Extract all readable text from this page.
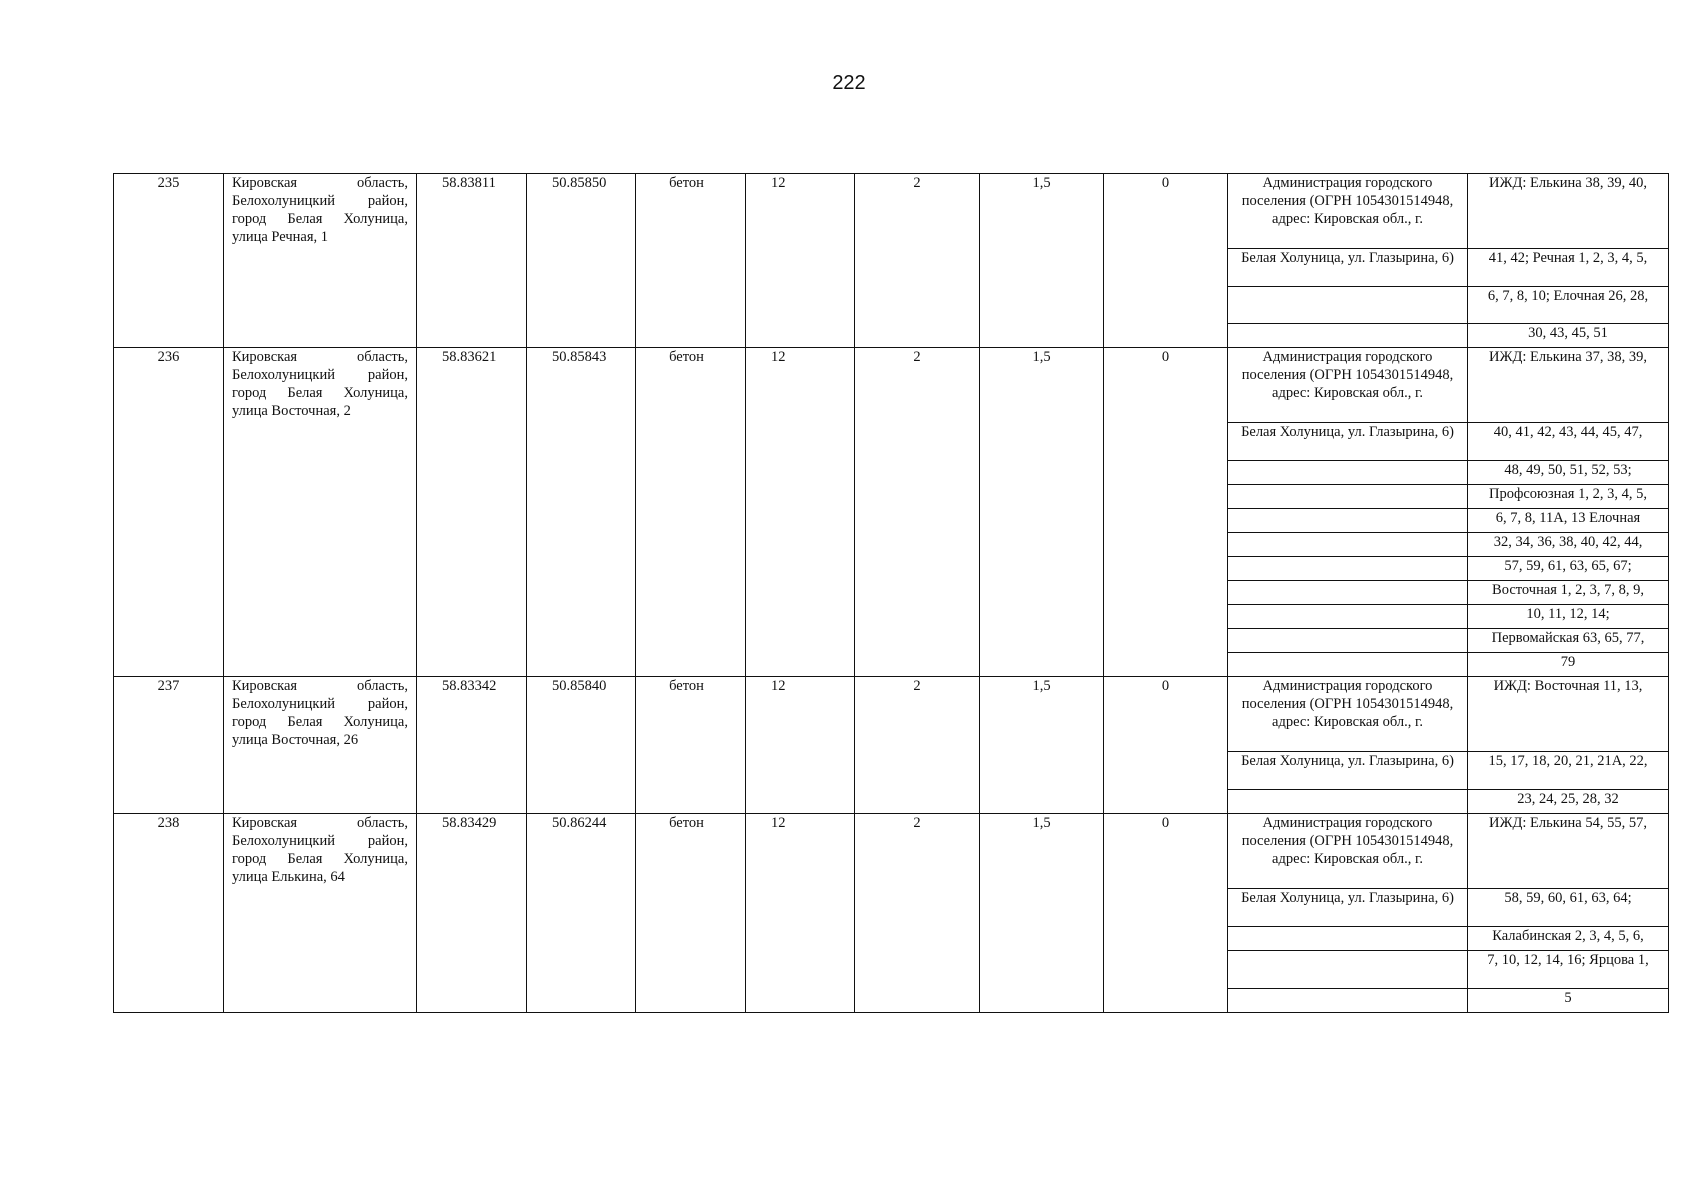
222
235	Кировская область, Белохолуницкий район, город Белая Холуница, улица Речная, 1	58.83811	50.85850	бетон	12	2	1,5	0	Администрация городского поселения (ОГРН 1054301514948, адрес: Кировская обл., г.	ИЖД: Елькина 38, 39, 40,
									Белая Холуница, ул. Глазырина, 6)	41, 42; Речная 1, 2, 3, 4, 5,
										6, 7, 8, 10; Елочная 26, 28,
										30, 43, 45, 51
236	Кировская область, Белохолуницкий район, город Белая Холуница, улица Восточная, 2	58.83621	50.85843	бетон	12	2	1,5	0	Администрация городского поселения (ОГРН 1054301514948, адрес: Кировская обл., г.	ИЖД: Елькина 37, 38, 39,
									Белая Холуница, ул. Глазырина, 6)	40, 41, 42, 43, 44, 45, 47,
										48, 49, 50, 51, 52, 53;
										Профсоюзная 1, 2, 3, 4, 5,
										6, 7, 8, 11А, 13 Елочная
										32, 34, 36, 38, 40, 42, 44,
										57, 59, 61, 63, 65, 67;
										Восточная 1, 2, 3, 7, 8, 9,
										10, 11, 12, 14;
										Первомайская 63, 65, 77,
										79
237	Кировская область, Белохолуницкий район, город Белая Холуница, улица Восточная, 26	58.83342	50.85840	бетон	12	2	1,5	0	Администрация городского поселения (ОГРН 1054301514948, адрес: Кировская обл., г.	ИЖД: Восточная 11, 13,
									Белая Холуница, ул. Глазырина, 6)	15, 17, 18, 20, 21, 21А, 22,
										23, 24, 25, 28, 32
238	Кировская область, Белохолуницкий район, город Белая Холуница, улица Елькина, 64	58.83429	50.86244	бетон	12	2	1,5	0	Администрация городского поселения (ОГРН 1054301514948, адрес: Кировская обл., г.	ИЖД: Елькина 54, 55, 57,
									Белая Холуница, ул. Глазырина, 6)	58, 59, 60, 61, 63, 64;
										Калабинская 2, 3, 4, 5, 6,
										7, 10, 12, 14, 16; Ярцова 1,
										5
